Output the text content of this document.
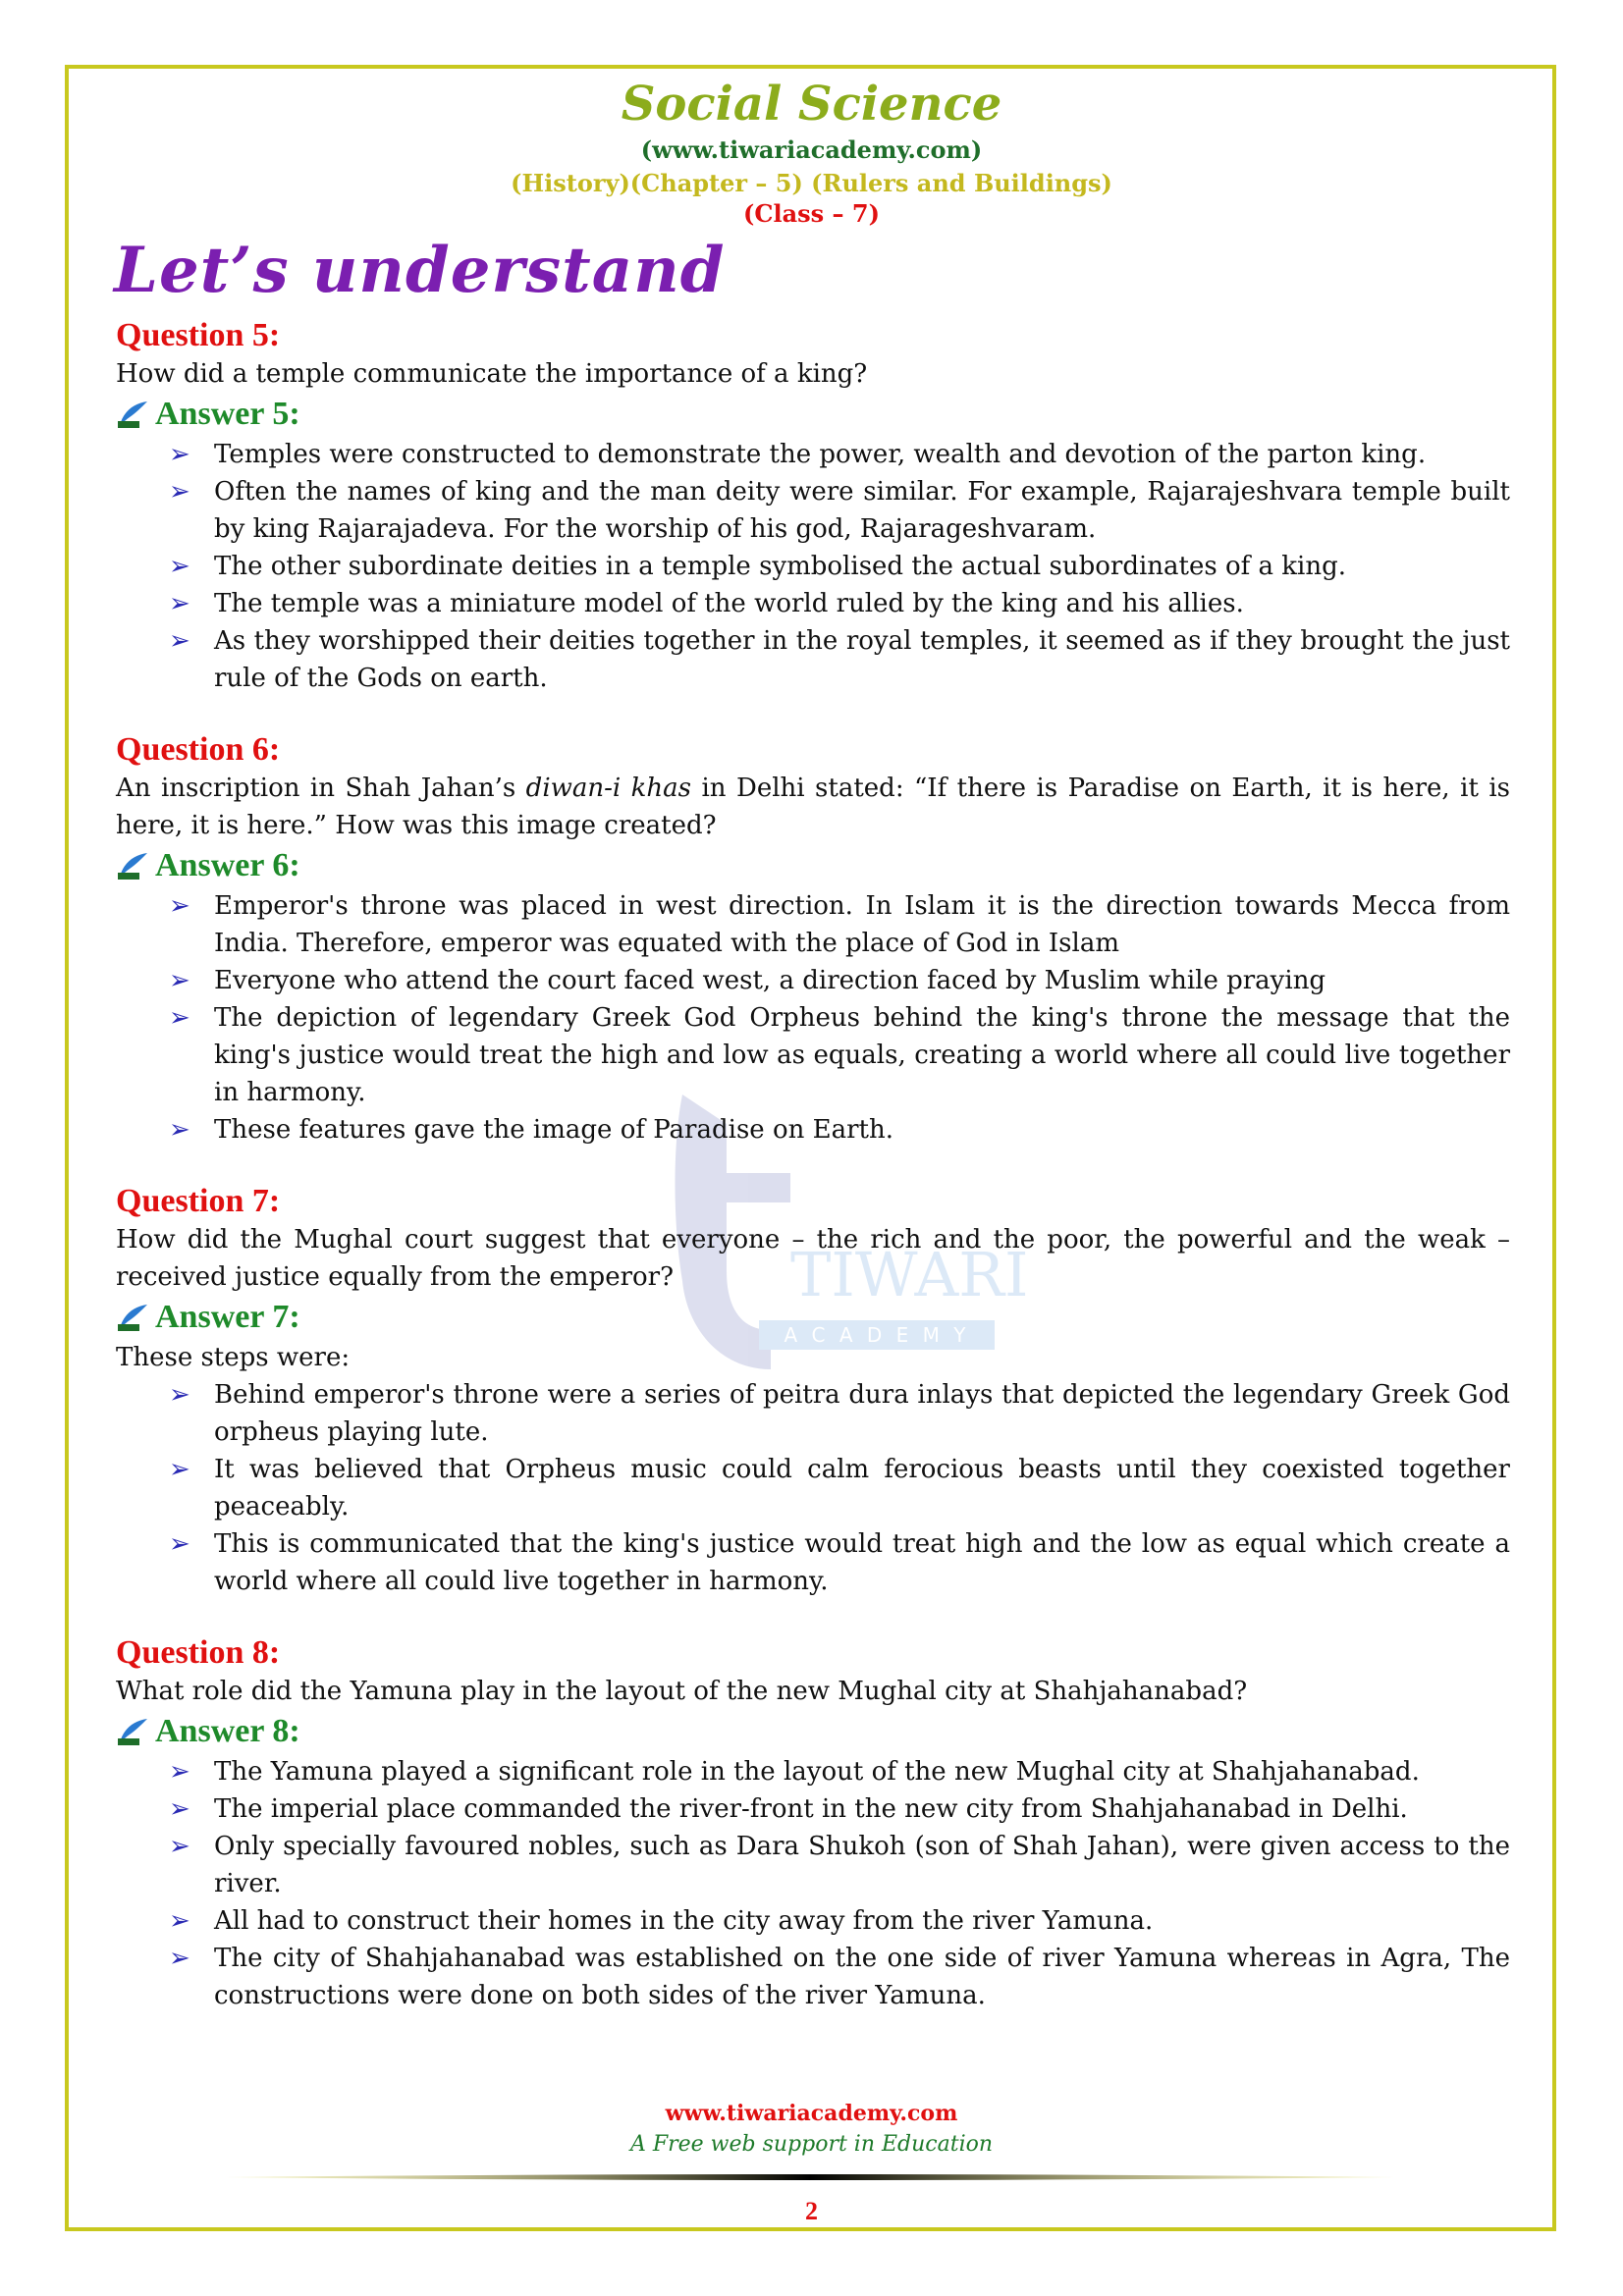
TIWARI
A C A D E M Y
Social Science
(www.tiwariacademy.com)
(History)(Chapter – 5) (Rulers and Buildings)
(Class – 7)
Let’s understand
Question 5:

How did a temple communicate the importance of a king?

Answer 5:
➢ Temples were constructed to demonstrate the power, wealth and devotion of the parton king.
➢ Often the names of king and the man deity were similar. For example, Rajarajeshvara temple built by king Rajarajadeva. For the worship of his god, Rajarageshvaram.
➢ The other subordinate deities in a temple symbolised the actual subordinates of a king.
➢ The temple was a miniature model of the world ruled by the king and his allies.
➢ As they worshipped their deities together in the royal temples, it seemed as if they brought the just rule of the Gods on earth.
Question 6:

An inscription in Shah Jahan’s diwan-i khas in Delhi stated: “If there is Paradise on Earth, it is here, it is here, it is here.” How was this image created?

Answer 6:
➢ Emperor's throne was placed in west direction. In Islam it is the direction towards Mecca from India. Therefore, emperor was equated with the place of God in Islam
➢ Everyone who attend the court faced west, a direction faced by Muslim while praying
➢ The depiction of legendary Greek God Orpheus behind the king's throne the message that the king's justice would treat the high and low as equals, creating a world where all could live together in harmony.
➢ These features gave the image of Paradise on Earth.
Question 7:

How did the Mughal court suggest that everyone – the rich and the poor, the powerful and the weak – received justice equally from the emperor?

Answer 7:

These steps were:

➢ Behind emperor's throne were a series of peitra dura inlays that depicted the legendary Greek God orpheus playing lute.
➢ It was believed that Orpheus music could calm ferocious beasts until they coexisted together peaceably.
➢ This is communicated that the king's justice would treat high and the low as equal which create a world where all could live together in harmony.
Question 8:

What role did the Yamuna play in the layout of the new Mughal city at Shahjahanabad?

Answer 8:
➢ The Yamuna played a significant role in the layout of the new Mughal city at Shahjahanabad.
➢ The imperial place commanded the river-front in the new city from Shahjahanabad in Delhi.
➢ Only specially favoured nobles, such as Dara Shukoh (son of Shah Jahan), were given access to the river.
➢ All had to construct their homes in the city away from the river Yamuna.
➢ The city of Shahjahanabad was established on the one side of river Yamuna whereas in Agra, The constructions were done on both sides of the river Yamuna.
www.tiwariacademy.com
A Free web support in Education
2
